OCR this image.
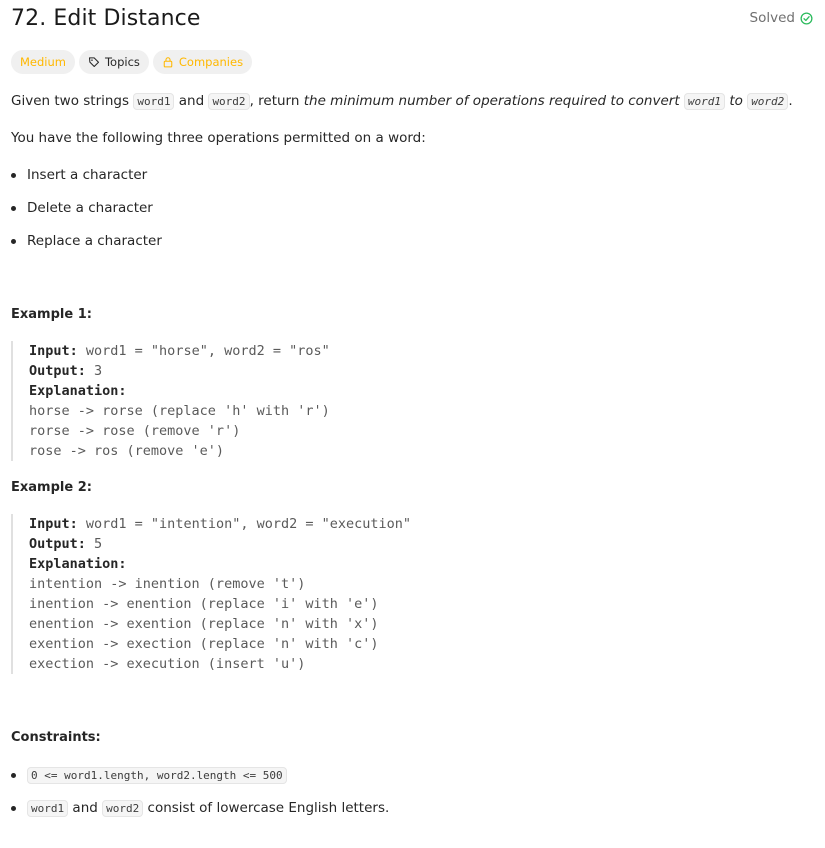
72. Edit Distance	Solved
Medium	Topics	Companies
Given two strings word1 and word2 , return the minimum number of operations required to convert word1 to word2 .
You have the following three operations permitted on a word:
Insert a character
Delete a character
Replace a character
Example 1:
Input: word1 = "horse", word2 = "ros"
Output: 3
Explanation:
horse -> rorse (replace 'h' with 'r')
rorse -> rose (remove 'r')
rose -> ros (remove 'e')
Example 2:
Input: word1 = "intention", word2 = "execution"
Output: 5
Explanation:
intention -> inention (remove 't')
inention -> enention (replace 'i' with 'e')
enention -> exention (replace 'n' with 'x')
exention -> exection (replace 'n' with 'c')
exection -> execution (insert 'u')
Constraints:
0 <= word1.length, word2.length <= 500
word1 and word2 consist of lowercase English letters.
